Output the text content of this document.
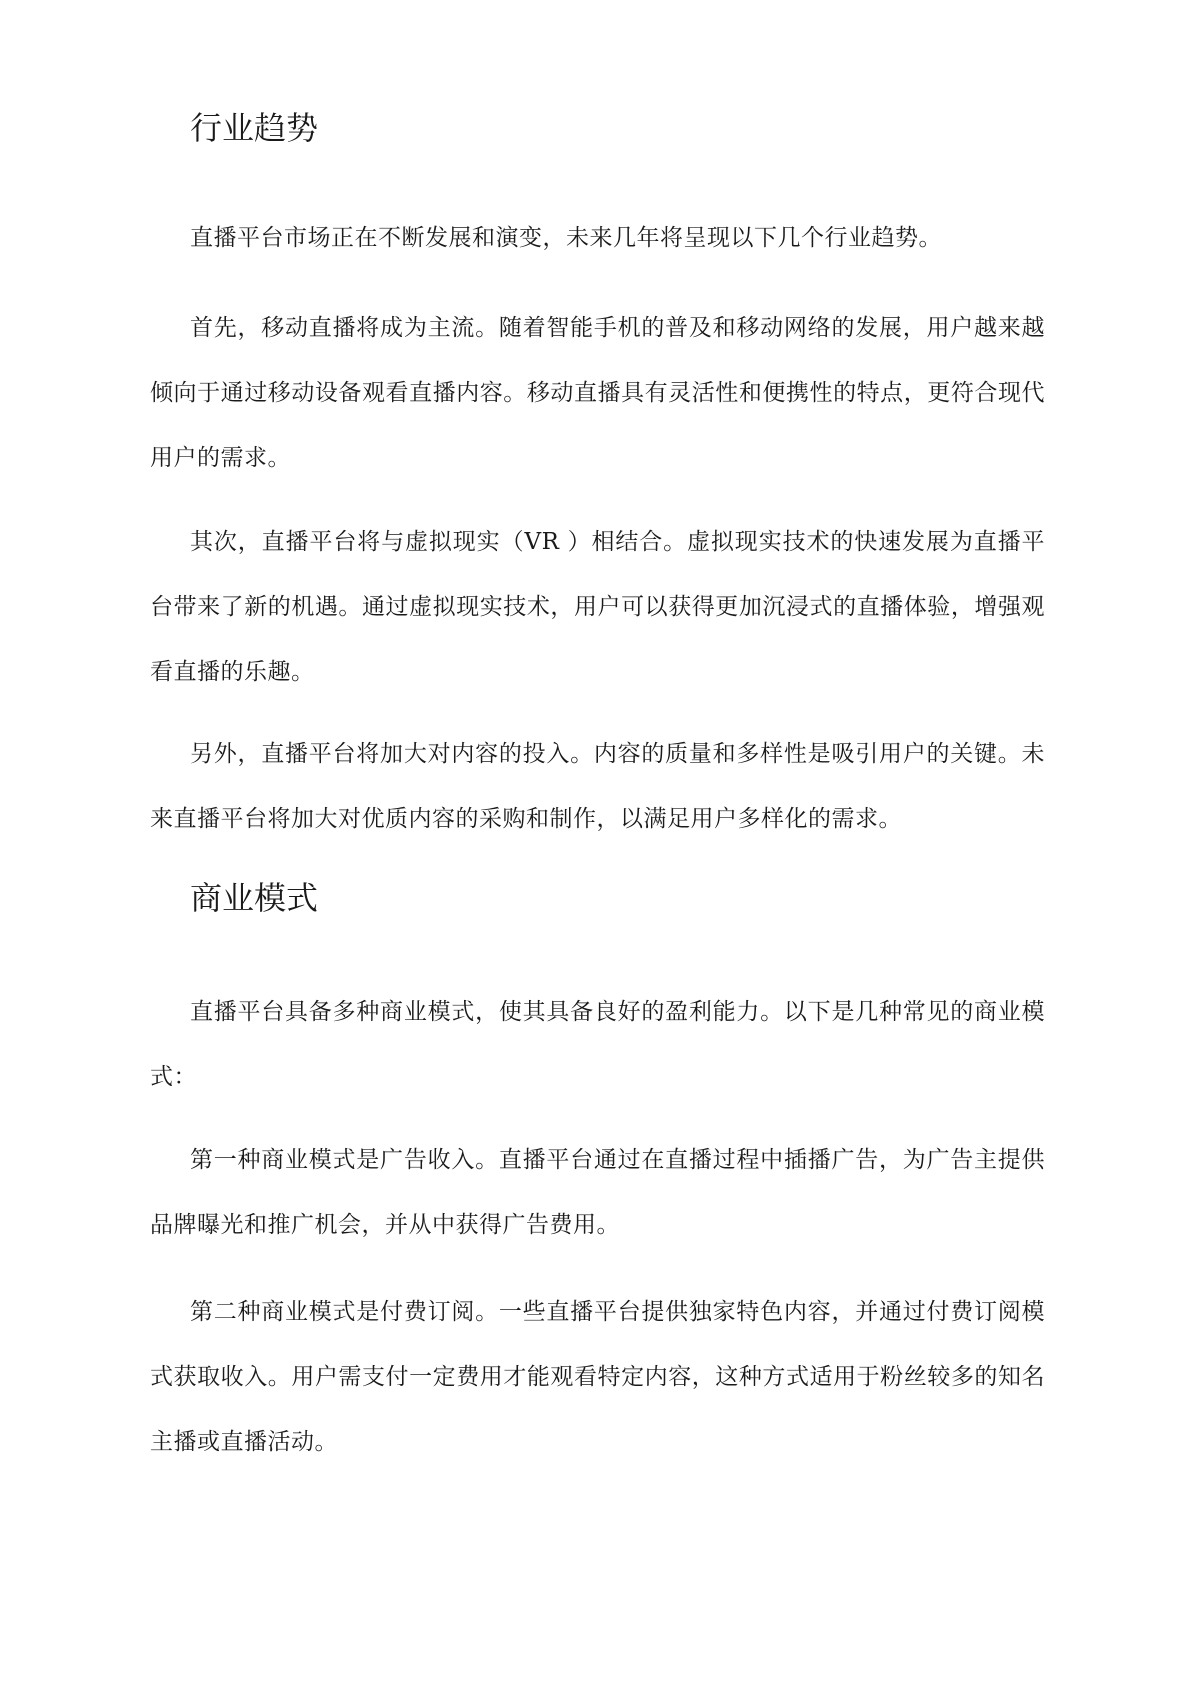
行业趋势

直播平台市场正在不断发展和演变，未来几年将呈现以下几个行业趋势。

首先，移动直播将成为主流。随着智能手机的普及和移动网络的发展，用户越来越倾向于通过移动设备观看直播内容。移动直播具有灵活性和便携性的特点，更符合现代用户的需求。

其次，直播平台将与虚拟现实（VR ）相结合。虚拟现实技术的快速发展为直播平台带来了新的机遇。通过虚拟现实技术，用户可以获得更加沉浸式的直播体验，增强观看直播的乐趣。

另外，直播平台将加大对内容的投入。内容的质量和多样性是吸引用户的关键。未来直播平台将加大对优质内容的采购和制作，以满足用户多样化的需求。

商业模式

直播平台具备多种商业模式，使其具备良好的盈利能力。以下是几种常见的商业模式：

第一种商业模式是广告收入。直播平台通过在直播过程中插播广告，为广告主提供品牌曝光和推广机会，并从中获得广告费用。

第二种商业模式是付费订阅。一些直播平台提供独家特色内容，并通过付费订阅模式获取收入。用户需支付一定费用才能观看特定内容，这种方式适用于粉丝较多的知名主播或直播活动。
